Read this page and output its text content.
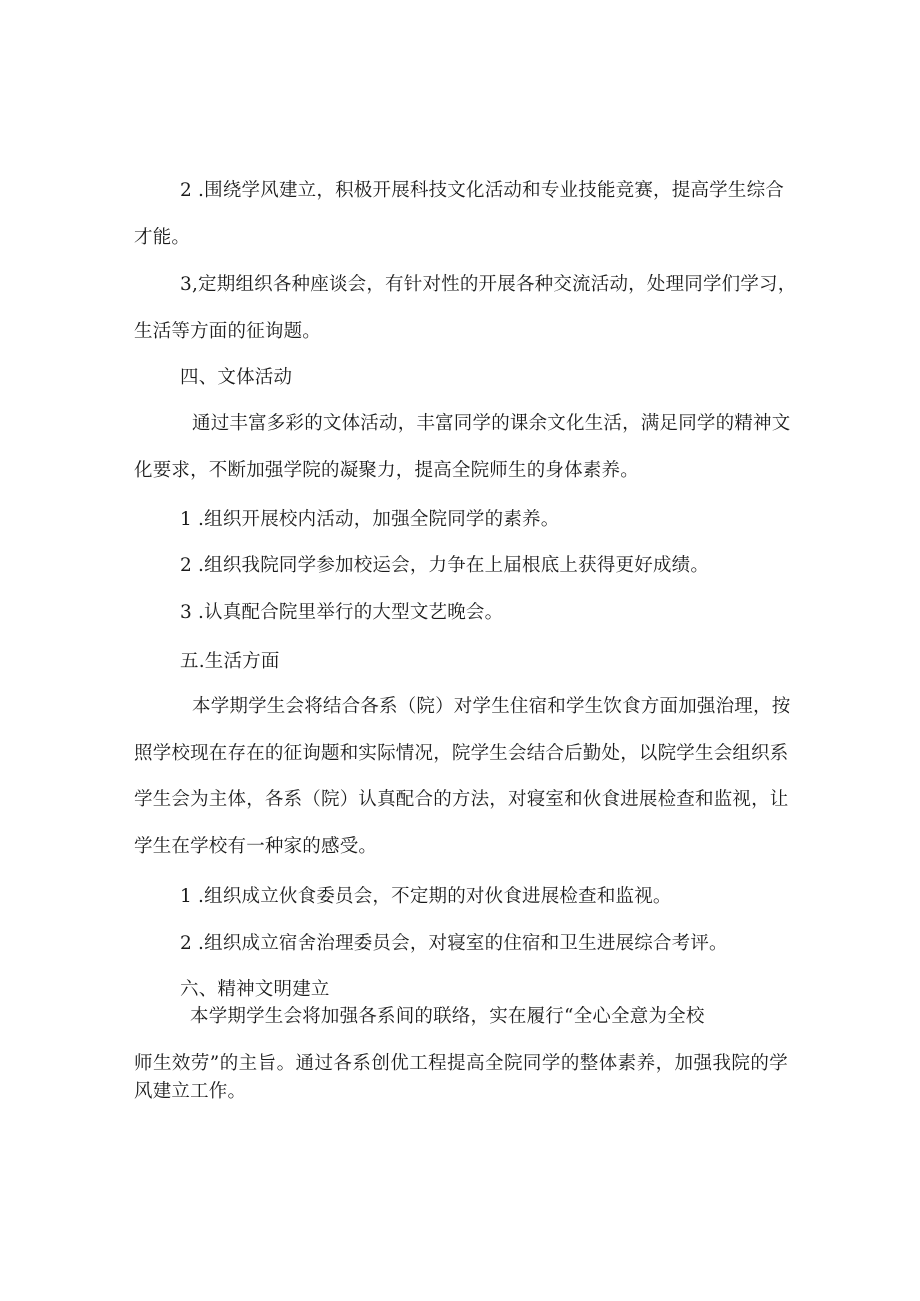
2 .围绕学风建立，积极开展科技文化活动和专业技能竞赛，提高学生综合
才能。
3,定期组织各种座谈会，有针对性的开展各种交流活动，处理同学们学习，
生活等方面的征询题。
四、文体活动
通过丰富多彩的文体活动，丰富同学的课余文化生活，满足同学的精神文
化要求，不断加强学院的凝聚力，提高全院师生的身体素养。
1 .组织开展校内活动，加强全院同学的素养。
2 .组织我院同学参加校运会，力争在上届根底上获得更好成绩。
3 .认真配合院里举行的大型文艺晚会。
五.生活方面
本学期学生会将结合各系（院）对学生住宿和学生饮食方面加强治理，按
照学校现在存在的征询题和实际情况，院学生会结合后勤处，以院学生会组织系
学生会为主体，各系（院）认真配合的方法，对寝室和伙食进展检查和监视，让
学生在学校有一种家的感受。
1 .组织成立伙食委员会，不定期的对伙食进展检查和监视。
2 .组织成立宿舍治理委员会，对寝室的住宿和卫生进展综合考评。
六、精神文明建立
本学期学生会将加强各系间的联络，实在履行“全心全意为全校
师生效劳”的主旨。通过各系创优工程提高全院同学的整体素养，加强我院的学
风建立工作。
